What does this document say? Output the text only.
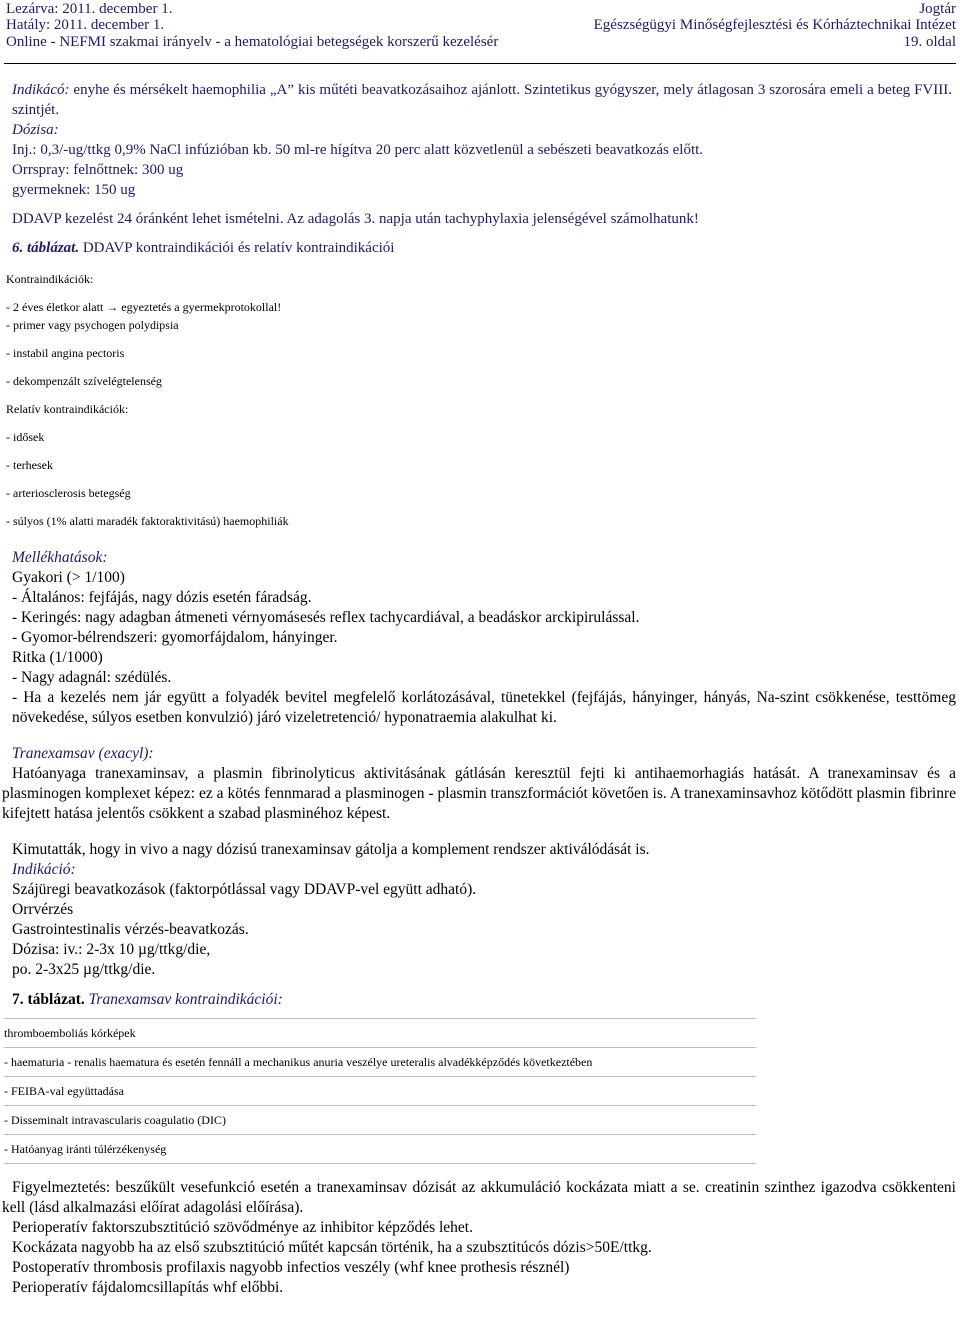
Lezárva: 2011. december 1.	Jogtár
Hatály: 2011. december 1.	Egészségügyi Minőségfejlesztési és Kórháztechnikai Intézet
Online - NEFMI szakmai irányelv - a hematológiai betegségek korszerű kezelésér	19. oldal

Indikácó: enyhe és mérsékelt haemophilia „A” kis műtéti beavatkozásaihoz ajánlott. Szintetikus gyógyszer, mely átlagosan 3 szorosára emeli a beteg FVIII. szintjét.

Dózisa:

Inj.: 0,3/-ug/ttkg 0,9% NaCl infúzióban kb. 50 ml-re hígítva 20 perc alatt közvetlenül a sebészeti beavatkozás előtt.

Orrspray: felnőttnek: 300 ug

gyermeknek: 150 ug

DDAVP kezelést 24 óránként lehet ismételni. Az adagolás 3. napja után tachyphylaxia jelenségével számolhatunk!

6. táblázat. DDAVP kontraindikációi és relatív kontraindikációi

Kontraindikációk:
- 2 éves életkor alatt → egyeztetés a gyermekprotokollal!
- primer vagy psychogen polydipsia
- instabil angina pectoris
- dekompenzált szívelégtelenség
Relatív kontraindikációk:
- idősek
- terhesek
- arteriosclerosis betegség
- súlyos (1% alatti maradék faktoraktivitású) haemophiliák

Mellékhatások:

Gyakori (> 1/100)

- Általános: fejfájás, nagy dózis esetén fáradság.

- Keringés: nagy adagban átmeneti vérnyomásesés reflex tachycardiával, a beadáskor arckipirulással.

- Gyomor-bélrendszeri: gyomorfájdalom, hányinger.

Ritka (1/1000)

- Nagy adagnál: szédülés.

- Ha a kezelés nem jár együtt a folyadék bevitel megfelelő korlátozásával, tünetekkel (fejfájás, hányinger, hányás, Na-szint csökkenése, testtömeg növekedése, súlyos esetben konvulzió) járó vizeletretenció/ hyponatraemia alakulhat ki.

Tranexamsav (exacyl):

Hatóanyaga tranexaminsav, a plasmin fibrinolyticus aktivitásának gátlásán keresztül fejti ki antihaemorhagiás hatását. A tranexaminsav és a plasminogen komplexet képez: ez a kötés fennmarad a plasminogen - plasmin transzformációt követően is. A tranexaminsavhoz kötődött plasmin fibrinre kifejtett hatása jelentős csökkent a szabad plasminéhoz képest.

Kimutatták, hogy in vivo a nagy dózisú tranexaminsav gátolja a komplement rendszer aktiválódását is.

Indikáció:

Szájüregi beavatkozások (faktorpótlással vagy DDAVP-vel együtt adható).

Orrvérzés

Gastrointestinalis vérzés-beavatkozás.

Dózisa: iv.: 2-3x 10 µg/ttkg/die,

po. 2-3x25 µg/ttkg/die.

7. táblázat. Tranexamsav kontraindikációi:

thromboemboliás kórképek
- haematuria - renalis haematura és esetén fennáll a mechanikus anuria veszélye ureteralis alvadékképződés következtében
- FEIBA-val együttadása
- Disseminalt intravascularis coagulatio (DIC)
- Hatóanyag iránti túlérzékenység

Figyelmeztetés: beszűkült vesefunkció esetén a tranexaminsav dózisát az akkumuláció kockázata miatt a se. creatinin szinthez igazodva csökkenteni kell (lásd alkalmazási előírat adagolási előírása).

Perioperatív faktorszubsztitúció szövődménye az inhibitor képződés lehet.

Kockázata nagyobb ha az első szubsztitúció műtét kapcsán történik, ha a szubsztitúcós dózis>50E/ttkg.

Postoperatív thrombosis profilaxis nagyobb infectios veszély (whf knee prothesis résznél)

Perioperatív fájdalomcsillapítás whf előbbi.
